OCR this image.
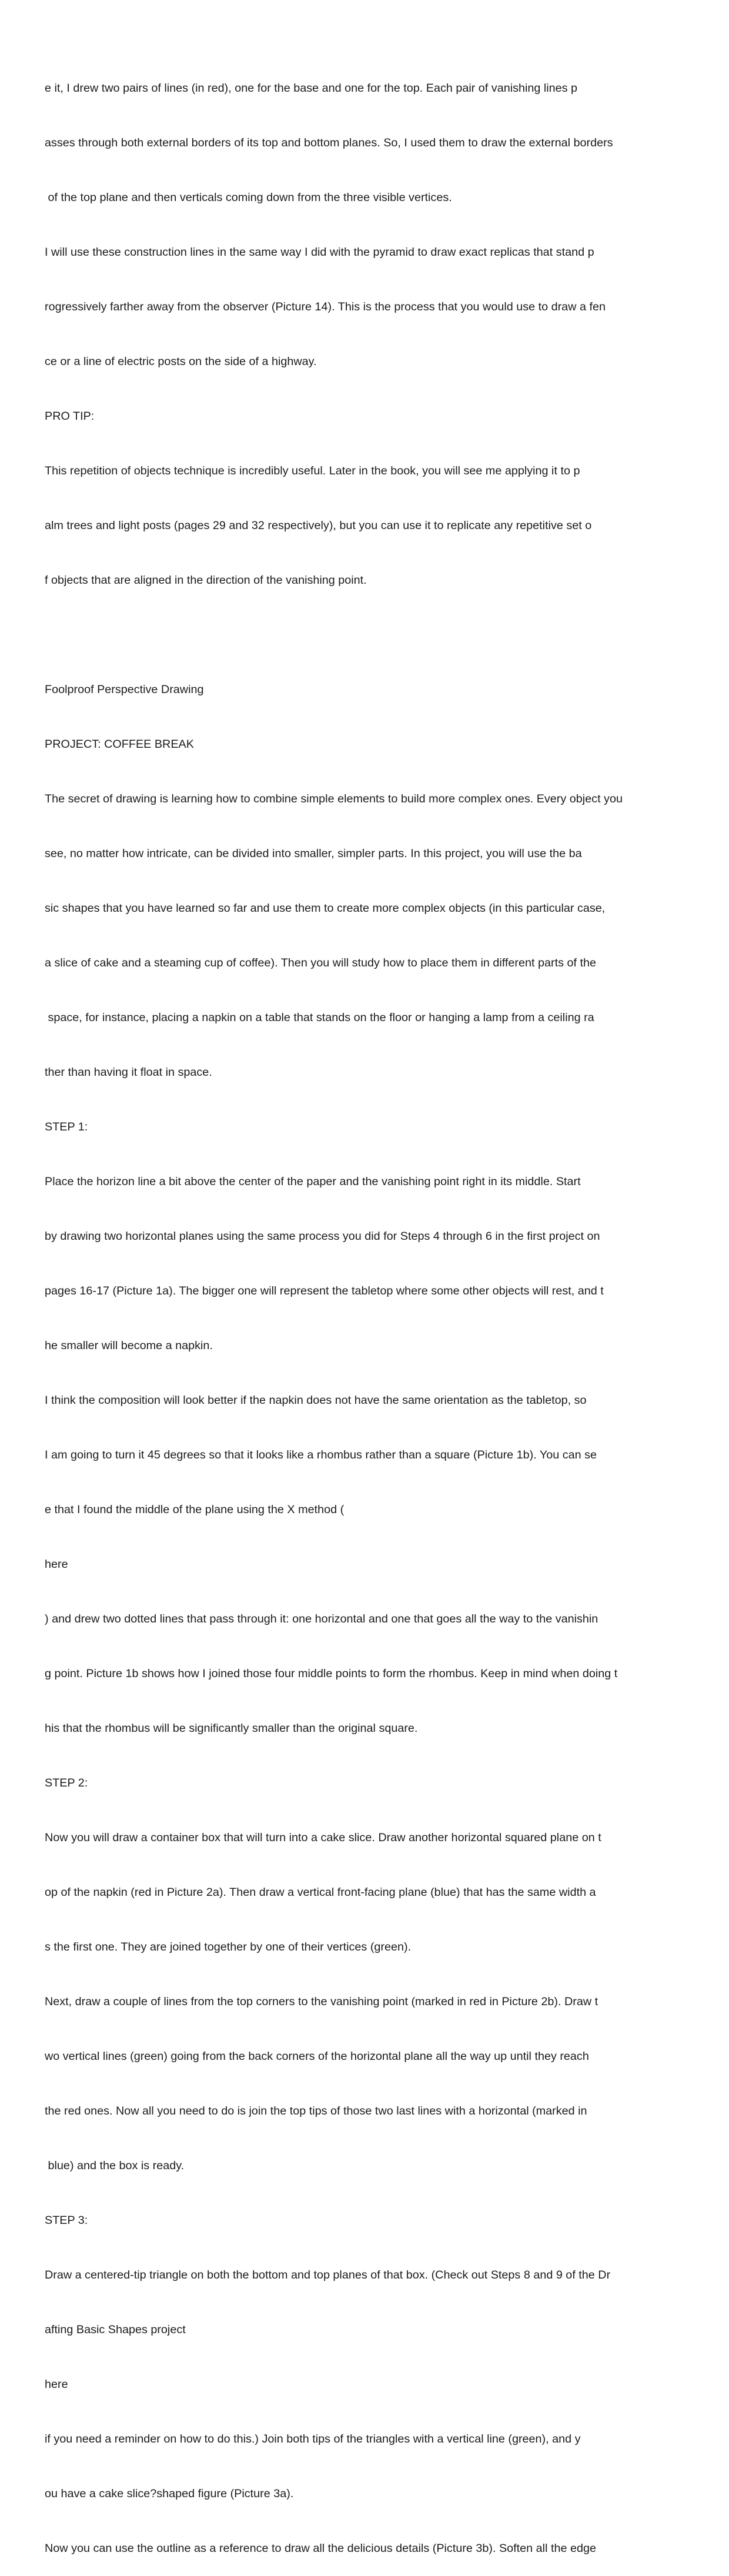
e it, I drew two pairs of lines (in red), one for the base and one for the top. Each pair of vanishing lines p

asses through both external borders of its top and bottom planes. So, I used them to draw the external borders

of the top plane and then verticals coming down from the three visible vertices.

I will use these construction lines in the same way I did with the pyramid to draw exact replicas that stand p

rogressively farther away from the observer (Picture 14). This is the process that you would use to draw a fen

ce or a line of electric posts on the side of a highway.

PRO TIP:

This repetition of objects technique is incredibly useful. Later in the book, you will see me applying it to p

alm trees and light posts (pages 29 and 32 respectively), but you can use it to replicate any repetitive set o

f objects that are aligned in the direction of the vanishing point.

Foolproof Perspective Drawing

PROJECT: COFFEE BREAK

The secret of drawing is learning how to combine simple elements to build more complex ones. Every object you

see, no matter how intricate, can be divided into smaller, simpler parts. In this project, you will use the ba

sic shapes that you have learned so far and use them to create more complex objects (in this particular case,

a slice of cake and a steaming cup of coffee). Then you will study how to place them in different parts of the

space, for instance, placing a napkin on a table that stands on the floor or hanging a lamp from a ceiling ra

ther than having it float in space.

STEP 1:

Place the horizon line a bit above the center of the paper and the vanishing point right in its middle. Start

by drawing two horizontal planes using the same process you did for Steps 4 through 6 in the first project on

pages 16-17 (Picture 1a). The bigger one will represent the tabletop where some other objects will rest, and t

he smaller will become a napkin.

I think the composition will look better if the napkin does not have the same orientation as the tabletop, so

I am going to turn it 45 degrees so that it looks like a rhombus rather than a square (Picture 1b). You can se

e that I found the middle of the plane using the X method (

here

) and drew two dotted lines that pass through it: one horizontal and one that goes all the way to the vanishin

g point. Picture 1b shows how I joined those four middle points to form the rhombus. Keep in mind when doing t

his that the rhombus will be significantly smaller than the original square.

STEP 2:

Now you will draw a container box that will turn into a cake slice. Draw another horizontal squared plane on t

op of the napkin (red in Picture 2a). Then draw a vertical front-facing plane (blue) that has the same width a

s the first one. They are joined together by one of their vertices (green).

Next, draw a couple of lines from the top corners to the vanishing point (marked in red in Picture 2b). Draw t

wo vertical lines (green) going from the back corners of the horizontal plane all the way up until they reach

the red ones. Now all you need to do is join the top tips of those two last lines with a horizontal (marked in

blue) and the box is ready.

STEP 3:

Draw a centered-tip triangle on both the bottom and top planes of that box. (Check out Steps 8 and 9 of the Dr

afting Basic Shapes project

here

if you need a reminder on how to do this.) Join both tips of the triangles with a vertical line (green), and y

ou have a cake slice?shaped figure (Picture 3a).

Now you can use the outline as a reference to draw all the delicious details (Picture 3b). Soften all the edge
